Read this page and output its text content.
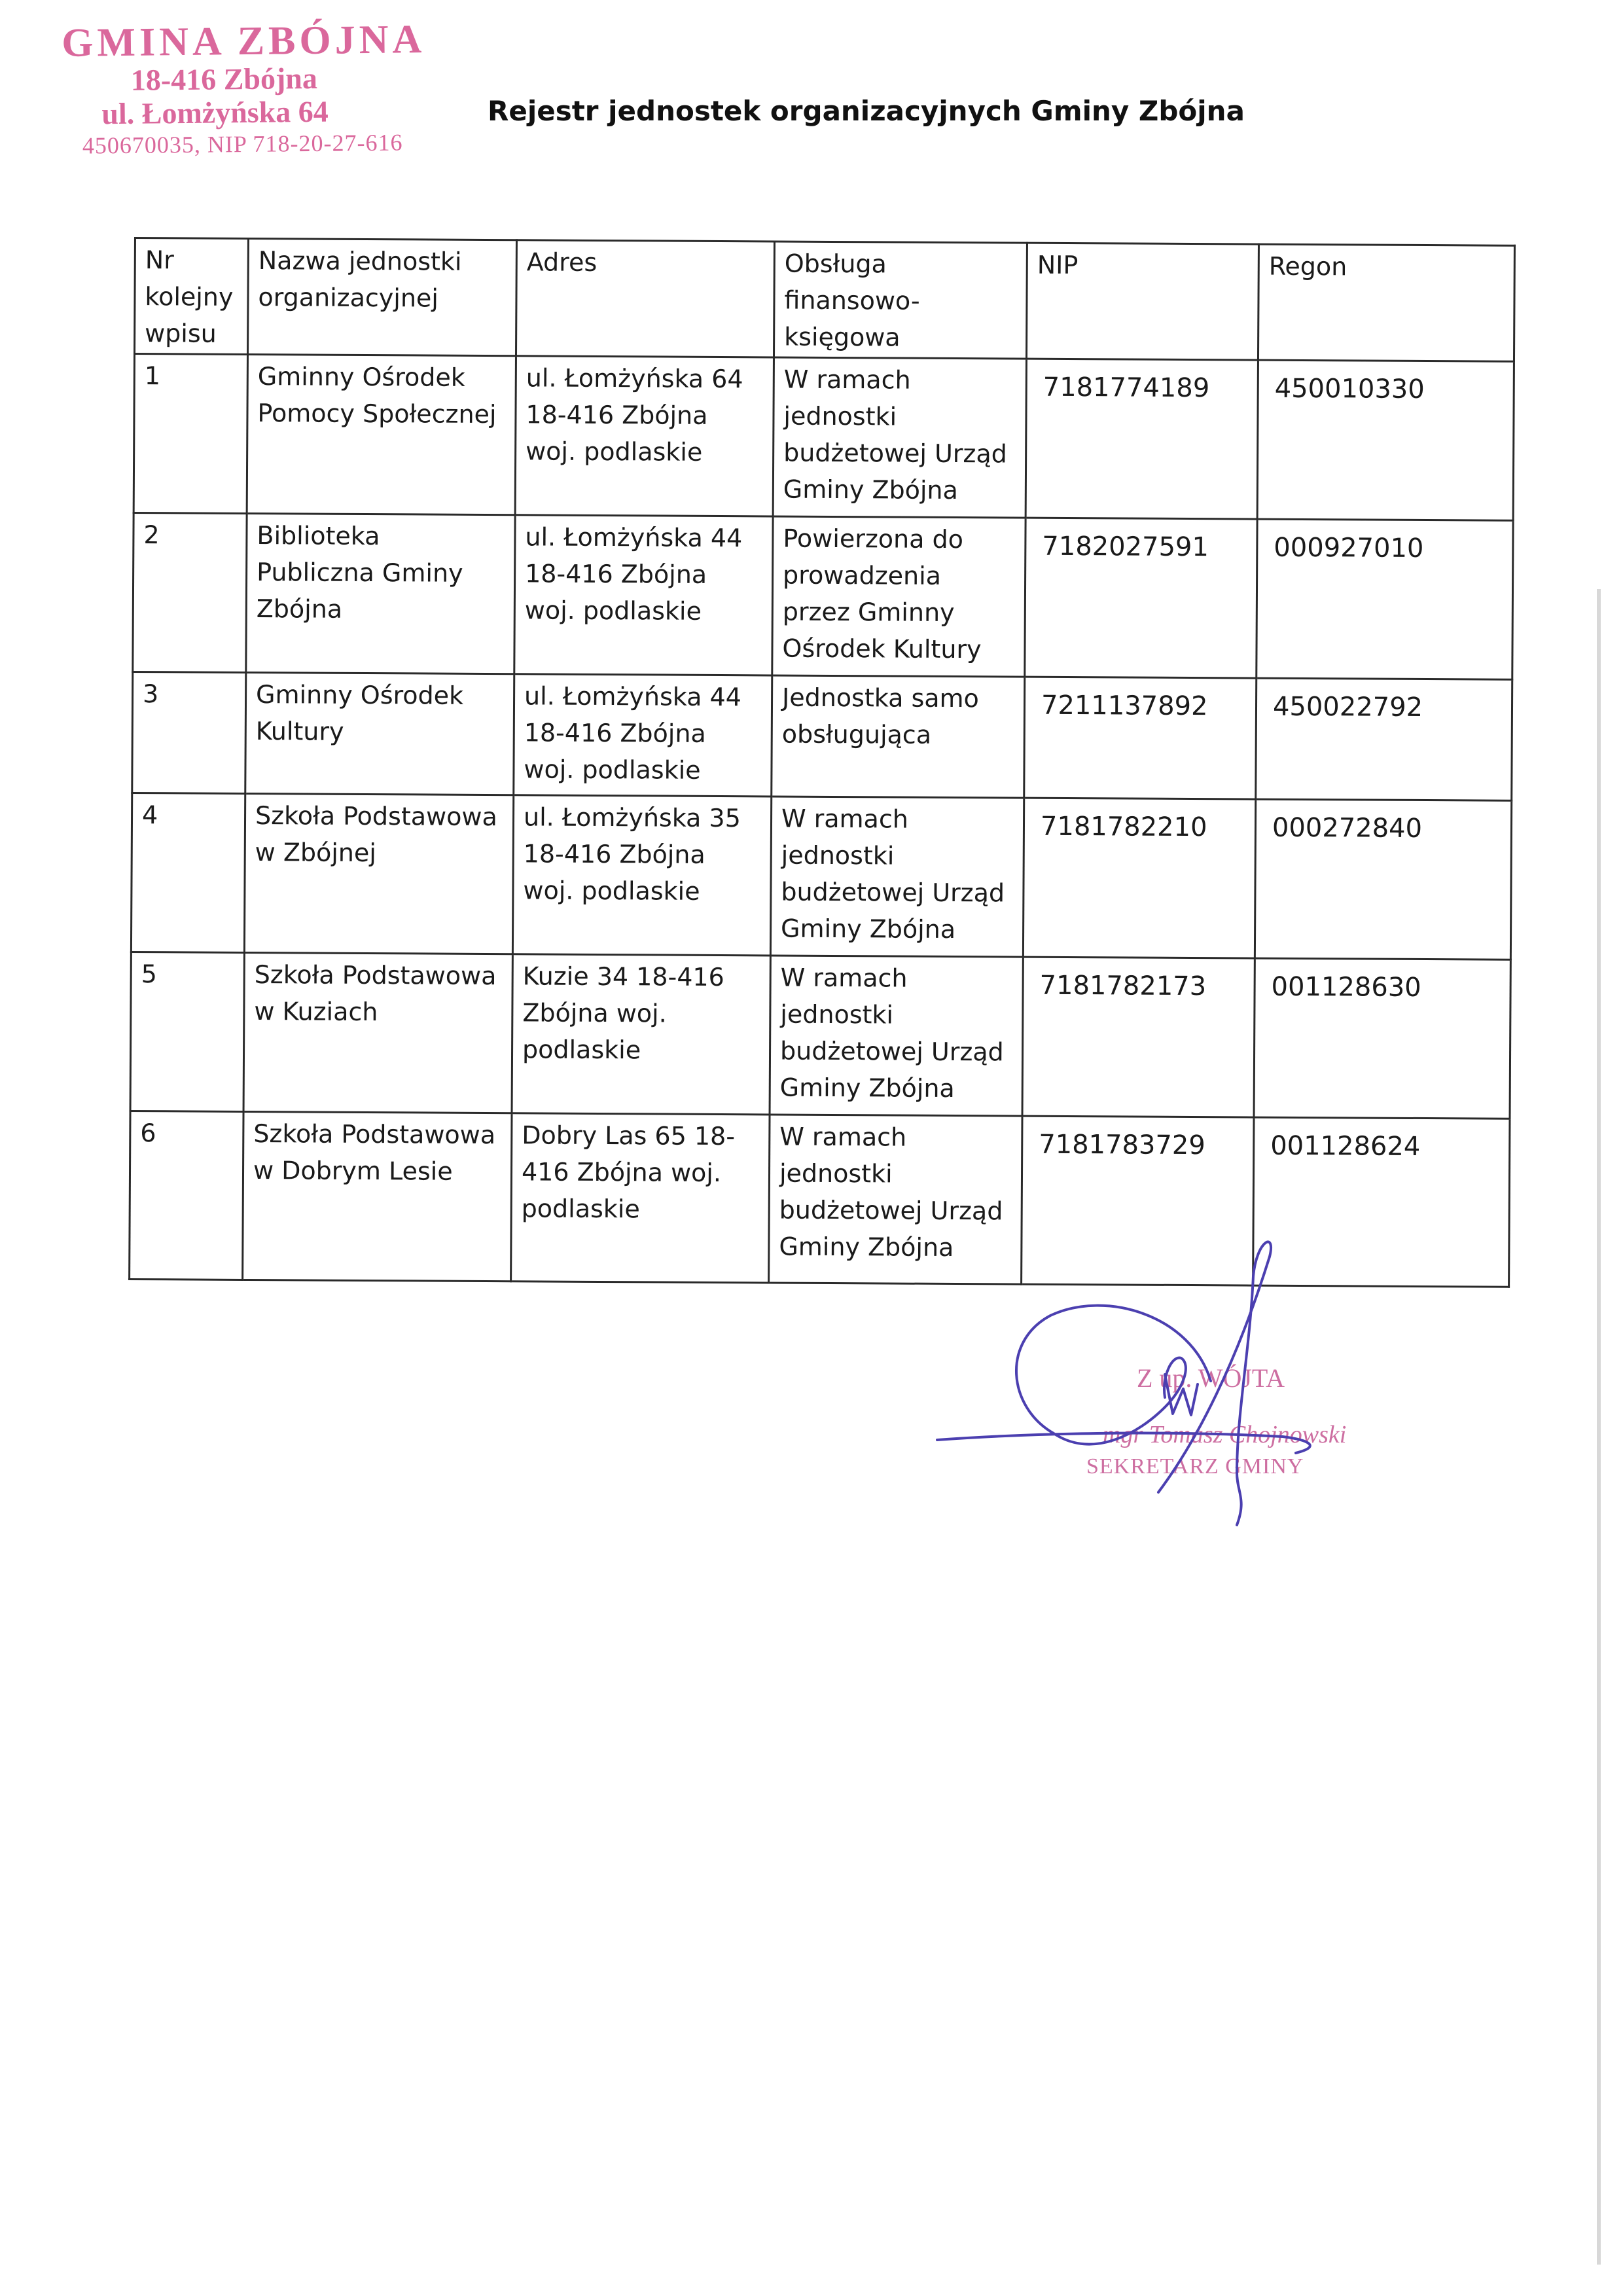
GMINA ZBÓJNA
18-416 Zbójna
ul. Łomżyńska 64
450670035, NIP 718-20-27-616
Rejestr jednostek organizacyjnych Gminy Zbójna
Nr kolejny wpisu	Nazwa jednostki organizacyjnej	Adres	Obsługa finansowo-księgowa	NIP	Regon
1	Gminny Ośrodek Pomocy Społecznej	ul. Łomżyńska 64 18-416 Zbójna woj. podlaskie	W ramach jednostki budżetowej Urząd Gminy Zbójna	7181774189	450010330
2	Biblioteka Publiczna Gminy Zbójna	ul. Łomżyńska 44 18-416 Zbójna woj. podlaskie	Powierzona do prowadzenia przez Gminny Ośrodek Kultury	7182027591	000927010
3	Gminny Ośrodek Kultury	ul. Łomżyńska 44 18-416 Zbójna woj. podlaskie	Jednostka samo obsługująca	7211137892	450022792
4	Szkoła Podstawowa w Zbójnej	ul. Łomżyńska 35 18-416 Zbójna woj. podlaskie	W ramach jednostki budżetowej Urząd Gminy Zbójna	7181782210	000272840
5	Szkoła Podstawowa w Kuziach	Kuzie 34 18-416 Zbójna woj. podlaskie	W ramach jednostki budżetowej Urząd Gminy Zbójna	7181782173	001128630
6	Szkoła Podstawowa w Dobrym Lesie	Dobry Las 65 18-416 Zbójna woj. podlaskie	W ramach jednostki budżetowej Urząd Gminy Zbójna	7181783729	001128624
Z up. WÓJTA
mgr Tomasz Chojnowski
SEKRETARZ GMINY
